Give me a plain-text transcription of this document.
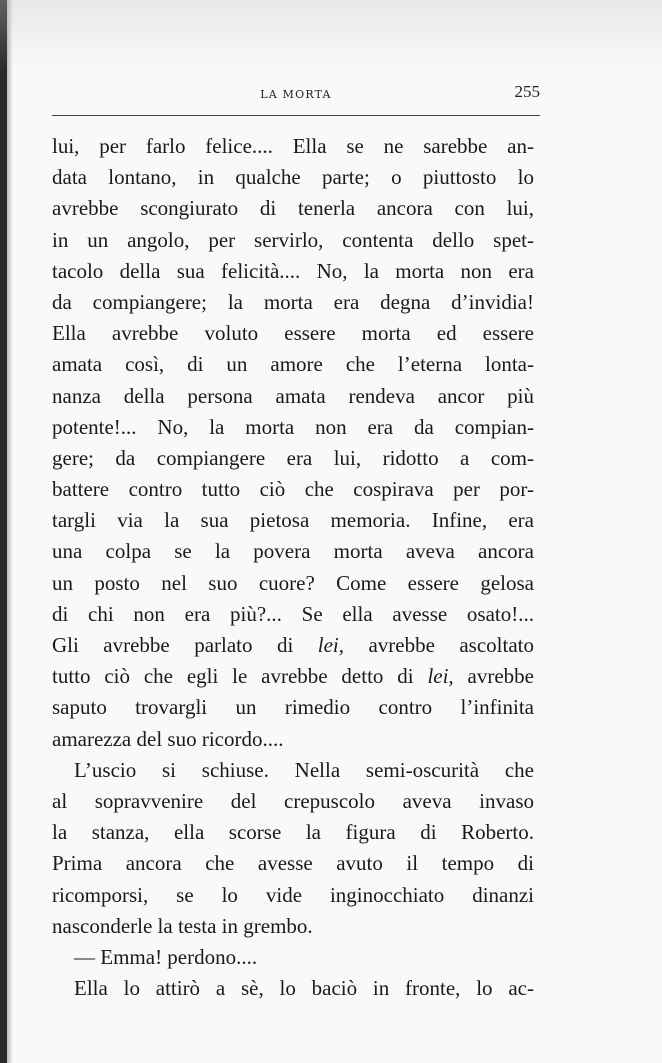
LA MORTA	255
lui, per farlo felice.... Ella se ne sarebbe an-
data lontano, in qualche parte; o piuttosto lo
avrebbe scongiurato di tenerla ancora con lui,
in un angolo, per servirlo, contenta dello spet-
tacolo della sua felicità.... No, la morta non era
da compiangere; la morta era degna d’invidia!
Ella avrebbe voluto essere morta ed essere
amata così, di un amore che l’eterna lonta-
nanza della persona amata rendeva ancor più
potente!... No, la morta non era da compian-
gere; da compiangere era lui, ridotto a com-
battere contro tutto ciò che cospirava per por-
targli via la sua pietosa memoria. Infine, era
una colpa se la povera morta aveva ancora
un posto nel suo cuore? Come essere gelosa
di chi non era più?... Se ella avesse osato!...
Gli avrebbe parlato di lei, avrebbe ascoltato
tutto ciò che egli le avrebbe detto di lei, avrebbe
saputo trovargli un rimedio contro l’infinita
amarezza del suo ricordo....
L’uscio si schiuse. Nella semi-oscurità che
al sopravvenire del crepuscolo aveva invaso
la stanza, ella scorse la figura di Roberto.
Prima ancora che avesse avuto il tempo di
ricomporsi, se lo vide inginocchiato dinanzi
nasconderle la testa in grembo.
— Emma! perdono....
Ella lo attirò a sè, lo baciò in fronte, lo ac-
